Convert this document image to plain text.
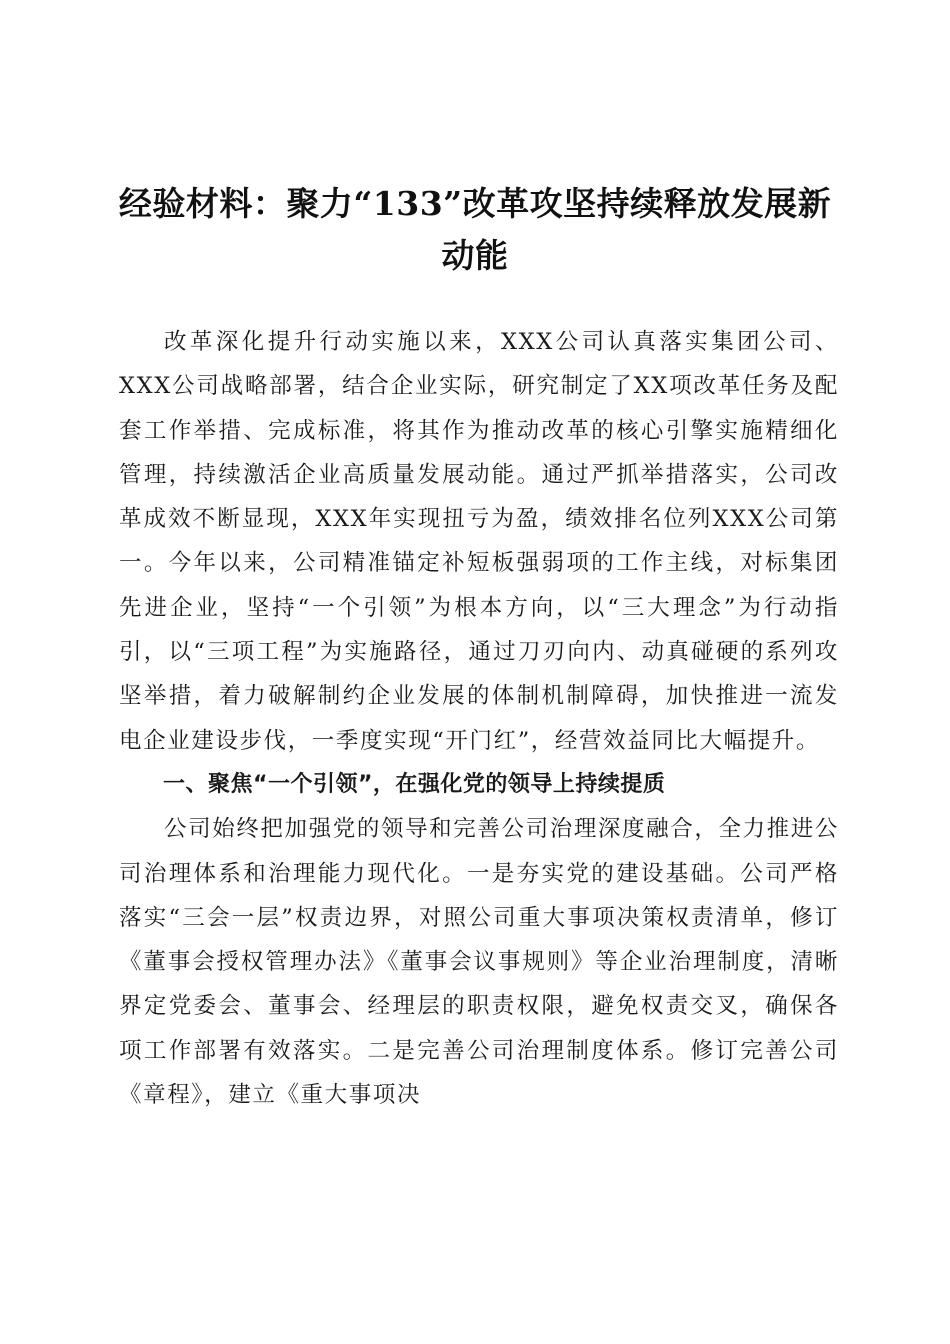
经验材料：聚力“133”改革攻坚持续释放发展新动能

改革深化提升行动实施以来，XXX公司认真落实集团公司、XXX公司战略部署，结合企业实际，研究制定了XX项改革任务及配套工作举措、完成标准，将其作为推动改革的核心引擎实施精细化管理，持续激活企业高质量发展动能。通过严抓举措落实，公司改革成效不断显现，XXX年实现扭亏为盈，绩效排名位列XXX公司第一。今年以来，公司精准锚定补短板强弱项的工作主线，对标集团先进企业，坚持“一个引领”为根本方向，以“三大理念”为行动指引，以“三项工程”为实施路径，通过刀刃向内、动真碰硬的系列攻坚举措，着力破解制约企业发展的体制机制障碍，加快推进一流发电企业建设步伐，一季度实现“开门红”，经营效益同比大幅提升。

一、聚焦“一个引领”，在强化党的领导上持续提质

公司始终把加强党的领导和完善公司治理深度融合，全力推进公司治理体系和治理能力现代化。一是夯实党的建设基础。公司严格落实“三会一层”权责边界，对照公司重大事项决策权责清单，修订《董事会授权管理办法》《董事会议事规则》等企业治理制度，清晰界定党委会、董事会、经理层的职责权限，避免权责交叉，确保各项工作部署有效落实。二是完善公司治理制度体系。修订完善公司《章程》，建立《重大事项决
